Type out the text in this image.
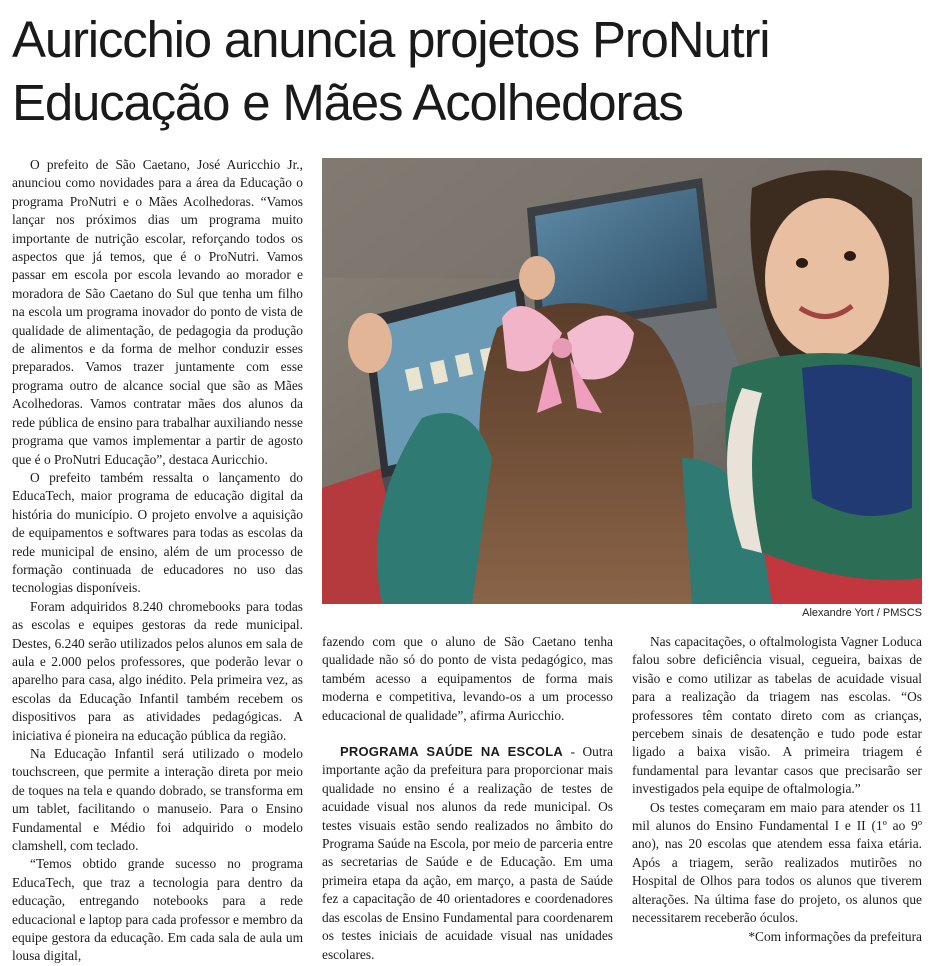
Auricchio anuncia projetos ProNutri Educação e Mães Acolhedoras

O prefeito de São Caetano, José Auricchio Jr., anunciou como novidades para a área da Educação o programa ProNutri e o Mães Acolhedoras. “Vamos lançar nos próximos dias um programa muito importante de nutrição escolar, reforçando todos os aspectos que já temos, que é o ProNutri. Vamos passar em escola por escola levando ao morador e moradora de São Caetano do Sul que tenha um filho na escola um programa inovador do ponto de vista de qualidade de alimentação, de pedagogia da produção de alimentos e da forma de melhor conduzir esses preparados. Vamos trazer juntamente com esse programa outro de alcance social que são as Mães Acolhedoras. Vamos contratar mães dos alunos da rede pública de ensino para trabalhar auxiliando nesse programa que vamos implementar a partir de agosto que é o ProNutri Educação”, destaca Auricchio.

O prefeito também ressalta o lançamento do EducaTech, maior programa de educação digital da história do município. O projeto envolve a aquisição de equipamentos e softwares para todas as escolas da rede municipal de ensino, além de um processo de formação continuada de educadores no uso das tecnologias disponíveis.

Foram adquiridos 8.240 chromebooks para todas as escolas e equipes gestoras da rede municipal. Destes, 6.240 serão utilizados pelos alunos em sala de aula e 2.000 pelos professores, que poderão levar o aparelho para casa, algo inédito. Pela primeira vez, as escolas da Educação Infantil também recebem os dispositivos para as atividades pedagógicas. A iniciativa é pioneira na educação pública da região.

Na Educação Infantil será utilizado o modelo touchscreen, que permite a interação direta por meio de toques na tela e quando dobrado, se transforma em um tablet, facilitando o manuseio. Para o Ensino Fundamental e Médio foi adquirido o modelo clamshell, com teclado.

“Temos obtido grande sucesso no programa EducaTech, que traz a tecnologia para dentro da educação, entregando notebooks para a rede educacional e laptop para cada professor e membro da equipe gestora da educação. Em cada sala de aula um lousa digital,

Alexandre Yort / PMSCS

fazendo com que o aluno de São Caetano tenha qualidade não só do ponto de vista pedagógico, mas também acesso a equipamentos de forma mais moderna e competitiva, levando-os a um processo educacional de qualidade”, afirma Auricchio.

PROGRAMA SAÚDE NA ESCOLA - Outra importante ação da prefeitura para proporcionar mais qualidade no ensino é a realização de testes de acuidade visual nos alunos da rede municipal. Os testes visuais estão sendo realizados no âmbito do Programa Saúde na Escola, por meio de parceria entre as secretarias de Saúde e de Educação. Em uma primeira etapa da ação, em março, a pasta de Saúde fez a capacitação de 40 orientadores e coordenadores das escolas de Ensino Fundamental para coordenarem os testes iniciais de acuidade visual nas unidades escolares.

Nas capacitações, o oftalmologista Vagner Loduca falou sobre deficiência visual, cegueira, baixas de visão e como utilizar as tabelas de acuidade visual para a realização da triagem nas escolas. “Os professores têm contato direto com as crianças, percebem sinais de desatenção e tudo pode estar ligado a baixa visão. A primeira triagem é fundamental para levantar casos que precisarão ser investigados pela equipe de oftalmologia.”

Os testes começaram em maio para atender os 11 mil alunos do Ensino Fundamental I e II (1º ao 9º ano), nas 20 escolas que atendem essa faixa etária. Após a triagem, serão realizados mutirões no Hospital de Olhos para todos os alunos que tiverem alterações. Na última fase do projeto, os alunos que necessitarem receberão óculos.

*Com informações da prefeitura
